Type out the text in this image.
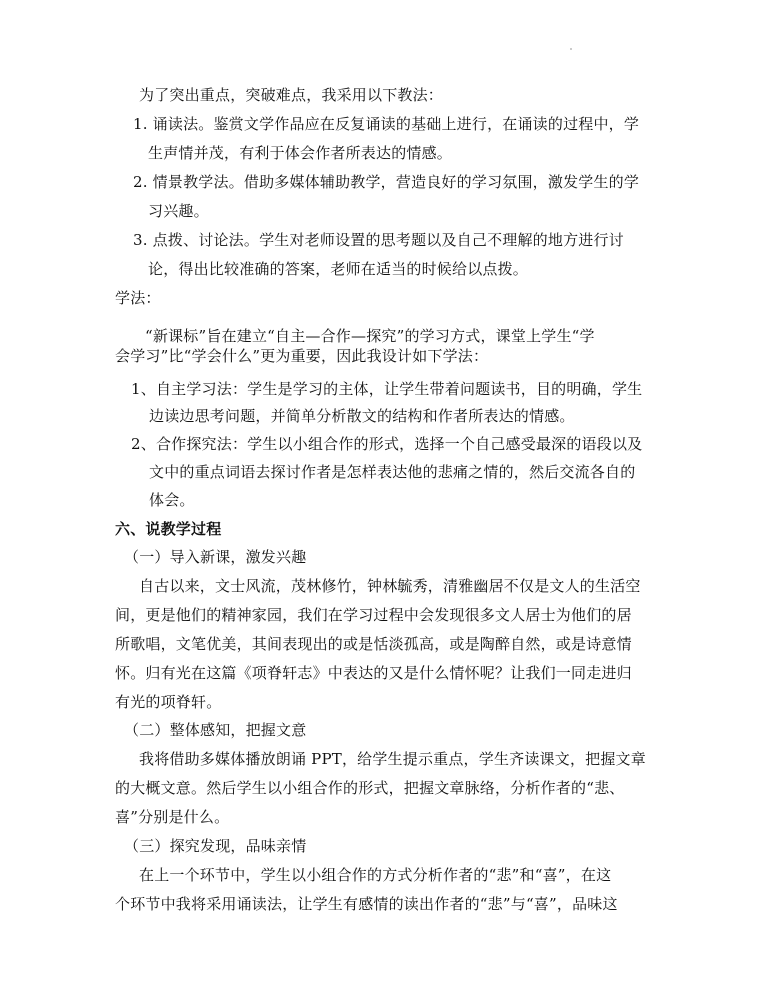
为了突出重点，突破难点，我采用以下教法：
1. 诵读法。鉴赏文学作品应在反复诵读的基础上进行，在诵读的过程中，学
生声情并茂，有利于体会作者所表达的情感。
2. 情景教学法。借助多媒体辅助教学，营造良好的学习氛围，激发学生的学
习兴趣。
3. 点拨、讨论法。学生对老师设置的思考题以及自己不理解的地方进行讨
论，得出比较准确的答案，老师在适当的时候给以点拨。
学法：
“新课标”旨在建立“自主—合作—探究”的学习方式，课堂上学生“学
会学习”比“学会什么”更为重要，因此我设计如下学法：
1、自主学习法：学生是学习的主体，让学生带着问题读书，目的明确，学生
边读边思考问题，并简单分析散文的结构和作者所表达的情感。
2、合作探究法：学生以小组合作的形式，选择一个自己感受最深的语段以及
文中的重点词语去探讨作者是怎样表达他的悲痛之情的，然后交流各自的
体会。
六、说教学过程
（一）导入新课，激发兴趣
自古以来，文士风流，茂林修竹，钟林毓秀，清雅幽居不仅是文人的生活空
间，更是他们的精神家园，我们在学习过程中会发现很多文人居士为他们的居
所歌唱，文笔优美，其间表现出的或是恬淡孤高，或是陶醉自然，或是诗意情
怀。归有光在这篇《项脊轩志》中表达的又是什么情怀呢？让我们一同走进归
有光的项脊轩。
（二）整体感知，把握文意
我将借助多媒体播放朗诵 PPT，给学生提示重点，学生齐读课文，把握文章
的大概文意。然后学生以小组合作的形式，把握文章脉络，分析作者的“悲、
喜”分别是什么。
（三）探究发现，品味亲情
在上一个环节中，学生以小组合作的方式分析作者的“悲”和“喜”，在这
个环节中我将采用诵读法，让学生有感情的读出作者的“悲”与“喜”，品味这
